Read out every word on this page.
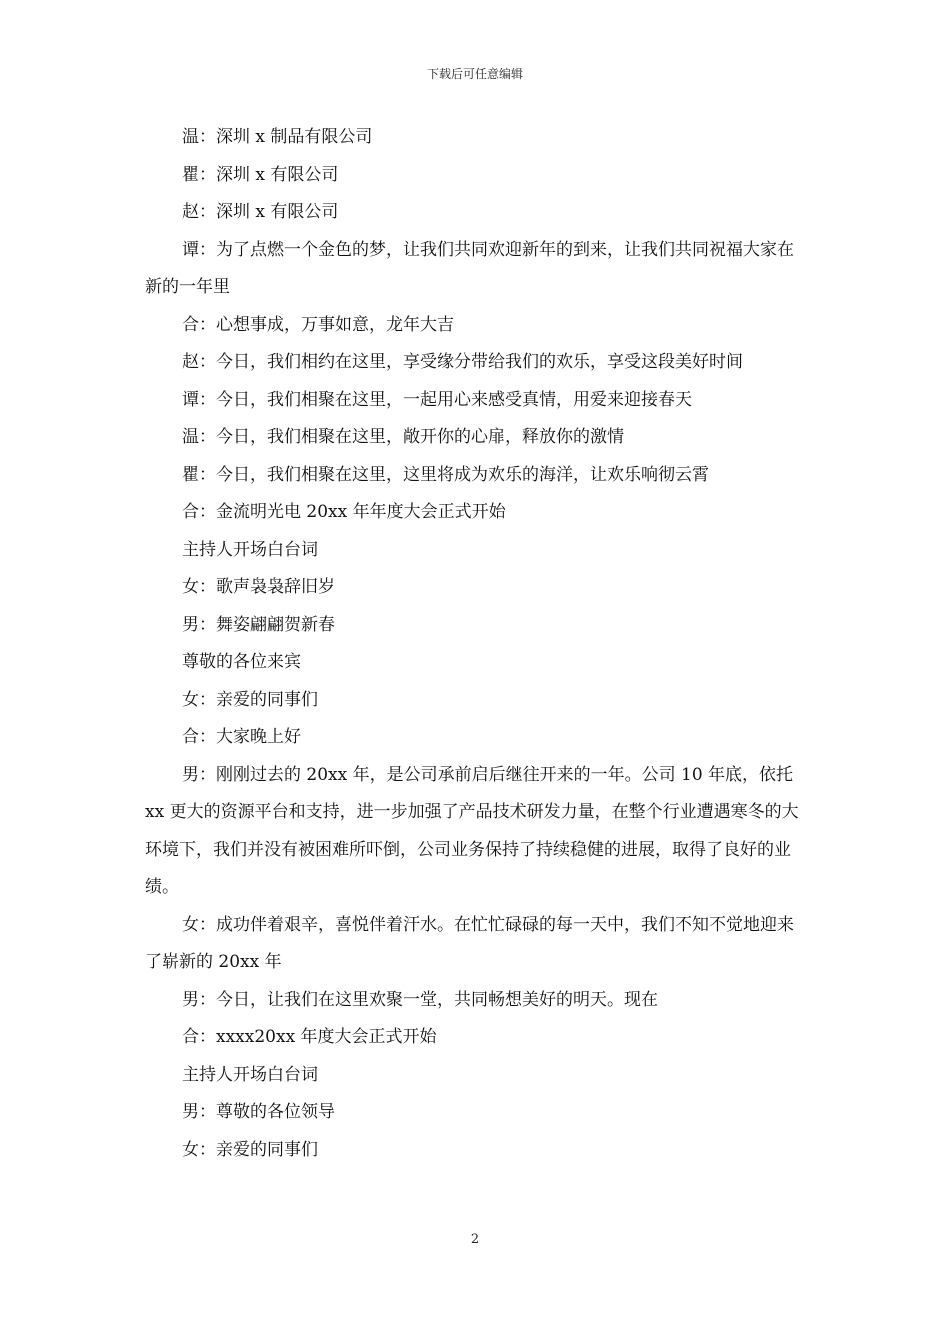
下载后可任意编辑

温：深圳 x 制品有限公司

瞿：深圳 x 有限公司

赵：深圳 x 有限公司

谭：为了点燃一个金色的梦，让我们共同欢迎新年的到来，让我们共同祝福大家在新的一年里

合：心想事成，万事如意，龙年大吉

赵：今日，我们相约在这里，享受缘分带给我们的欢乐，享受这段美好时间

谭：今日，我们相聚在这里，一起用心来感受真情，用爱来迎接春天

温：今日，我们相聚在这里，敞开你的心扉，释放你的激情

瞿：今日，我们相聚在这里，这里将成为欢乐的海洋，让欢乐响彻云霄

合：金流明光电 20xx 年年度大会正式开始

主持人开场白台词

女：歌声袅袅辞旧岁

男：舞姿翩翩贺新春

尊敬的各位来宾

女：亲爱的同事们

合：大家晚上好

男：刚刚过去的 20xx 年，是公司承前启后继往开来的一年。公司 10 年底，依托 xx 更大的资源平台和支持，进一步加强了产品技术研发力量，在整个行业遭遇寒冬的大环境下，我们并没有被困难所吓倒，公司业务保持了持续稳健的进展，取得了良好的业绩。

女：成功伴着艰辛，喜悦伴着汗水。在忙忙碌碌的每一天中，我们不知不觉地迎来了崭新的 20xx 年

男：今日，让我们在这里欢聚一堂，共同畅想美好的明天。现在

合：xxxx20xx 年度大会正式开始

主持人开场白台词

男：尊敬的各位领导

女：亲爱的同事们

2
